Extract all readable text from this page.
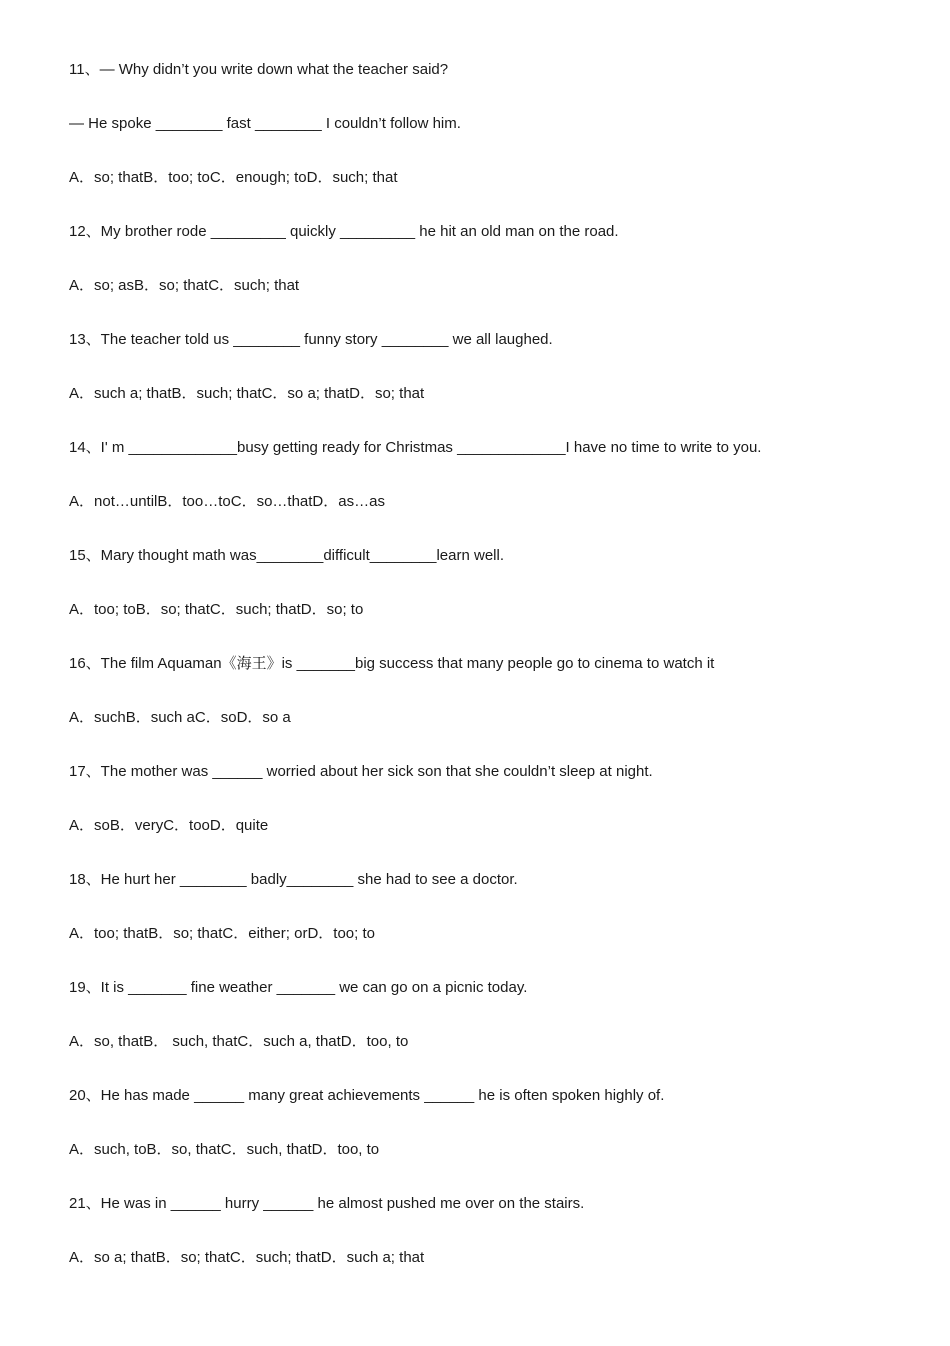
11、— Why didn’t you write down what the teacher said?
— He spoke ________ fast ________ I couldn’t follow him.
A．so; thatB．too; toC．enough; toD．such; that
12、My brother rode _________ quickly _________ he hit an old man on the road.
A．so; asB．so; thatC．such; that
13、The teacher told us ________ funny story ________ we all laughed.
A．such a; thatB．such; thatC．so a; thatD．so; that
14、I' m _____________busy getting ready for Christmas _____________I have no time to write to you.
A．not…untilB．too…toC．so…thatD．as…as
15、Mary thought math was________difficult________learn well.
A．too; toB．so; thatC．such; thatD．so; to
16、The film Aquaman《海王》is _______big success that many people go to cinema to watch it
A．suchB．such aC．soD．so a
17、The mother was ______ worried about her sick son that she couldn’t sleep at night.
A．soB．veryC．tooD．quite
18、He hurt her ________ badly________ she had to see a doctor.
A．too; thatB．so; thatC．either; orD．too; to
19、It is _______ fine weather _______ we can go on a picnic today.
A．so, thatB． such, thatC．such a, thatD．too, to
20、He has made ______ many great achievements ______ he is often spoken highly of.
A．such, toB．so, thatC．such, thatD．too, to
21、He was in ______ hurry ______ he almost pushed me over on the stairs.
A．so a; thatB．so; thatC．such; thatD．such a; that
